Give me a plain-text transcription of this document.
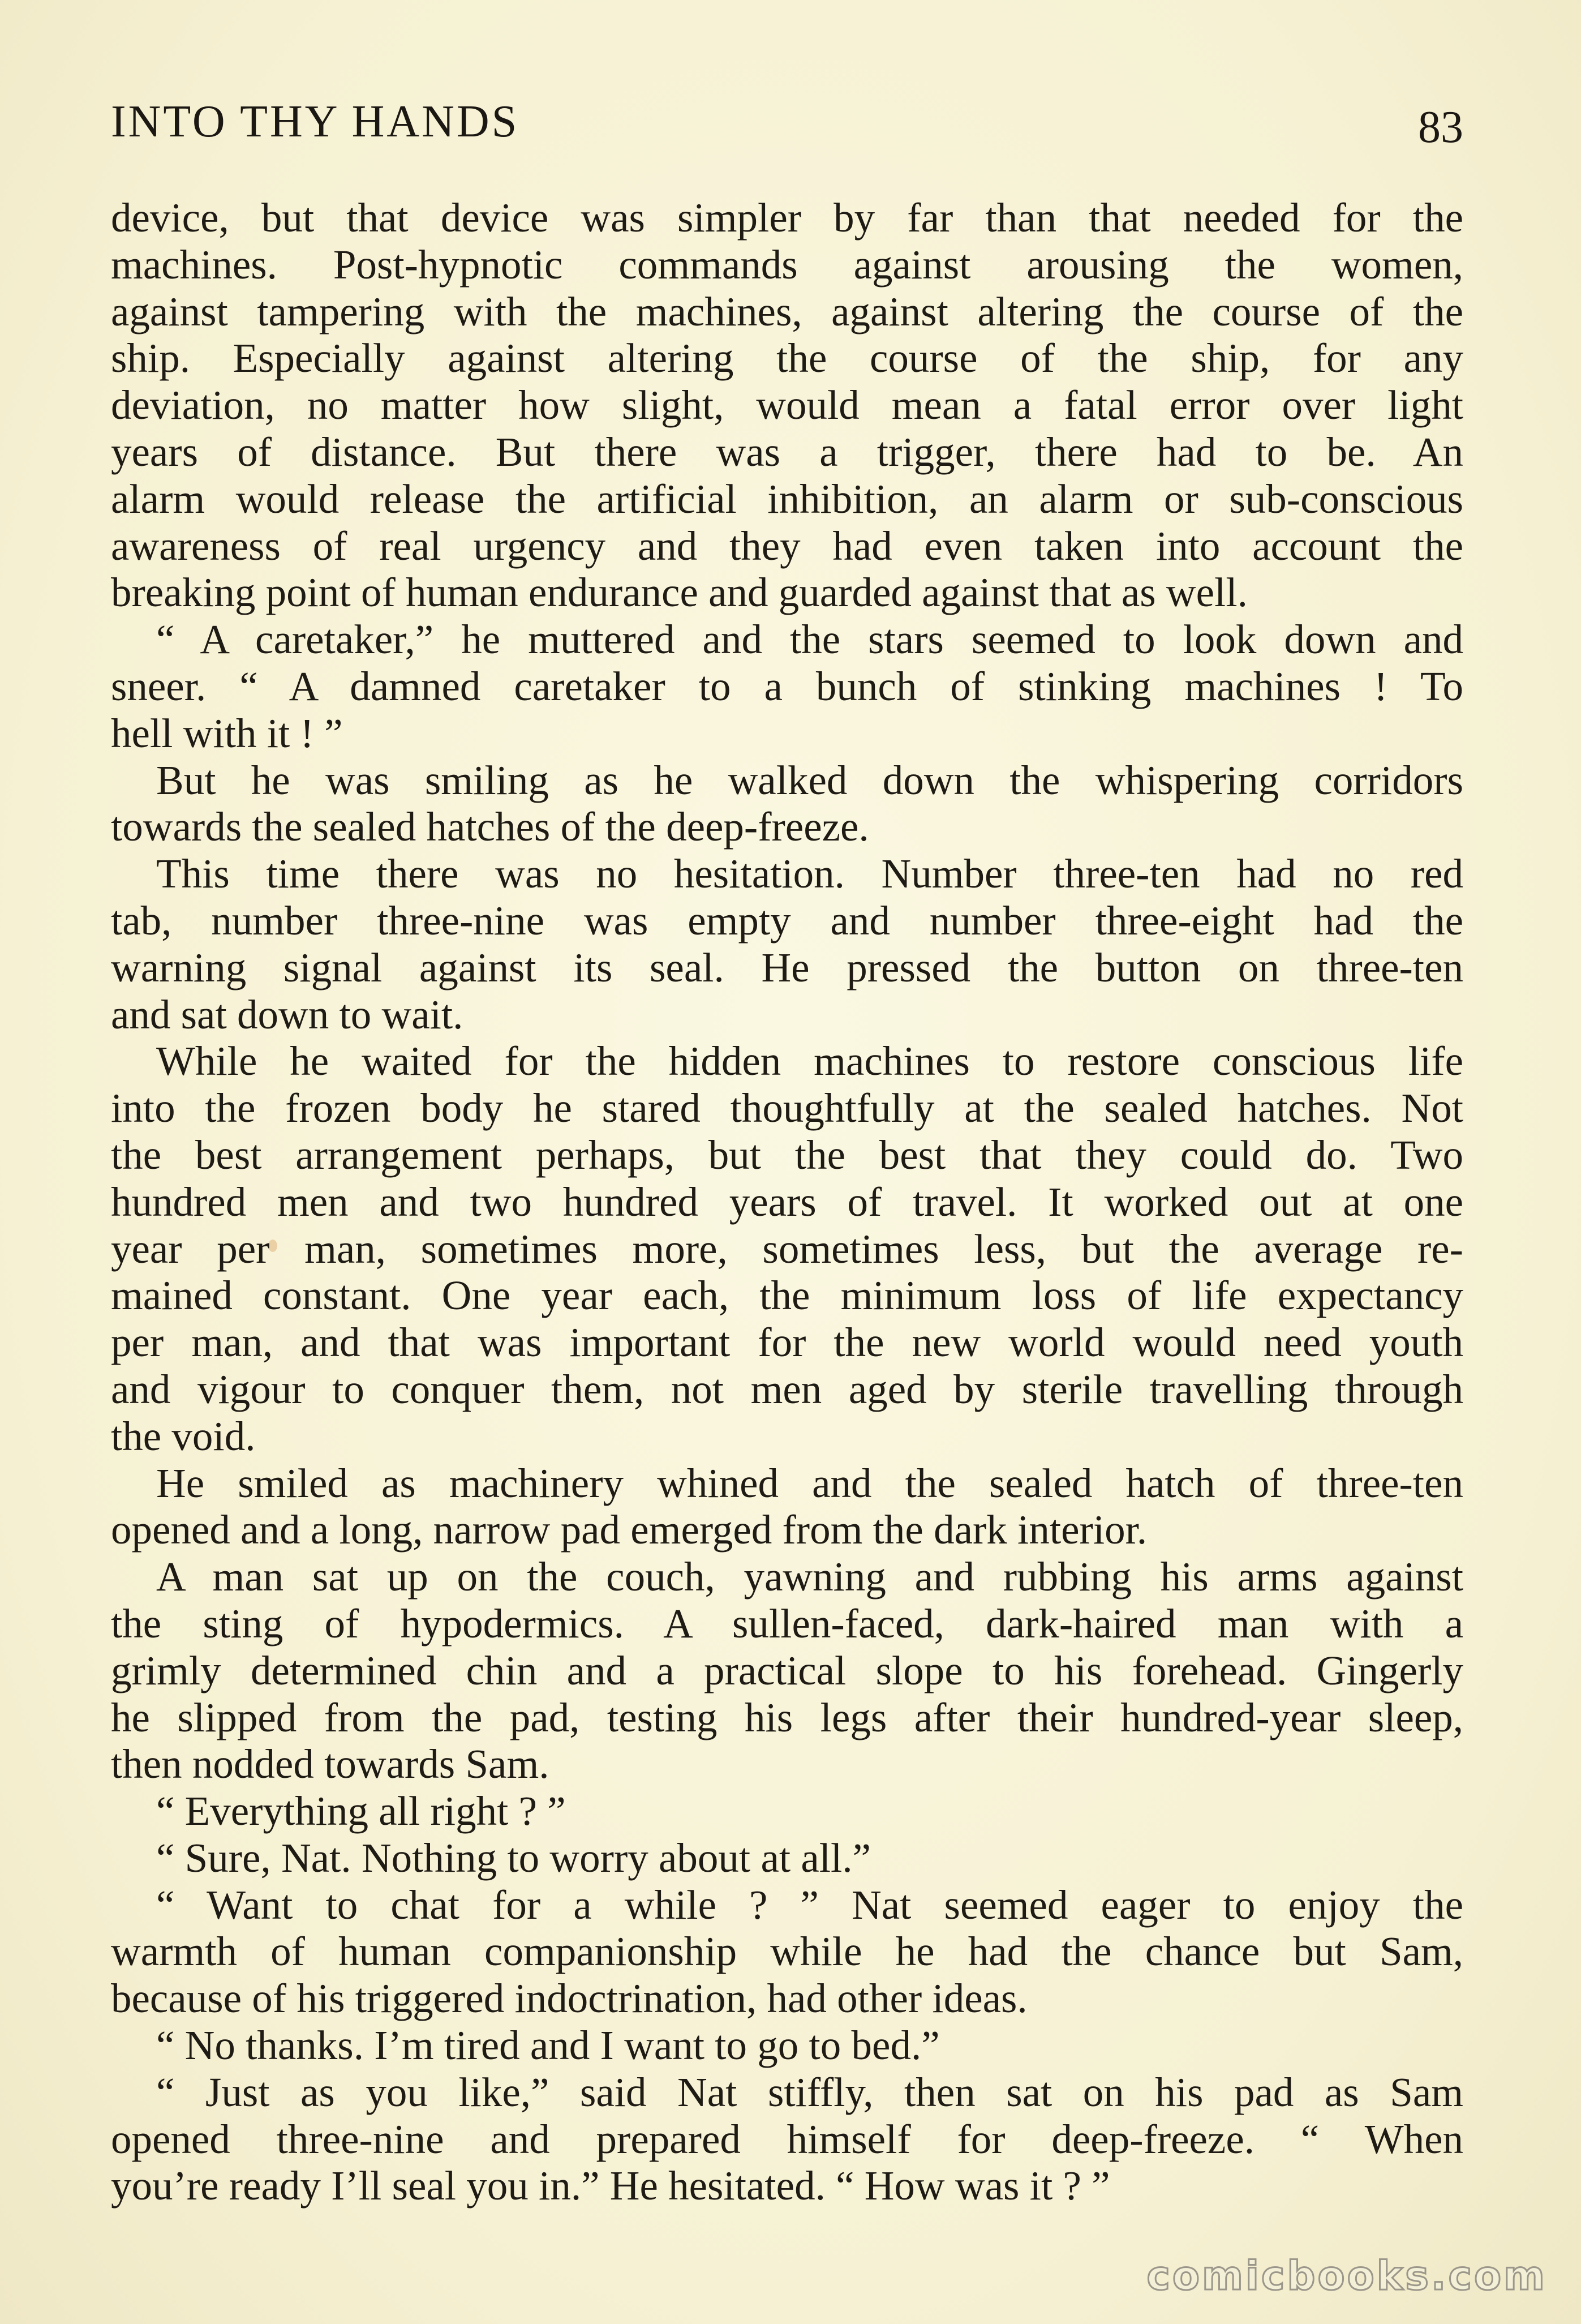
INTO THY HANDS	83
device, but that device was simpler by far than that needed for the
machines. Post-hypnotic commands against arousing the women,
against tampering with the machines, against altering the course of the
ship. Especially against altering the course of the ship, for any
deviation, no matter how slight, would mean a fatal error over light
years of distance. But there was a trigger, there had to be. An
alarm would release the artificial inhibition, an alarm or sub-conscious
awareness of real urgency and they had even taken into account the
breaking point of human endurance and guarded against that as well.
“ A caretaker,” he muttered and the stars seemed to look down and
sneer. “ A damned caretaker to a bunch of stinking machines ! To
hell with it ! ”
But he was smiling as he walked down the whispering corridors
towards the sealed hatches of the deep-freeze.
This time there was no hesitation. Number three-ten had no red
tab, number three-nine was empty and number three-eight had the
warning signal against its seal. He pressed the button on three-ten
and sat down to wait.
While he waited for the hidden machines to restore conscious life
into the frozen body he stared thoughtfully at the sealed hatches. Not
the best arrangement perhaps, but the best that they could do. Two
hundred men and two hundred years of travel. It worked out at one
year per man, sometimes more, sometimes less, but the average re-
mained constant. One year each, the minimum loss of life expectancy
per man, and that was important for the new world would need youth
and vigour to conquer them, not men aged by sterile travelling through
the void.
He smiled as machinery whined and the sealed hatch of three-ten
opened and a long, narrow pad emerged from the dark interior.
A man sat up on the couch, yawning and rubbing his arms against
the sting of hypodermics. A sullen-faced, dark-haired man with a
grimly determined chin and a practical slope to his forehead. Gingerly
he slipped from the pad, testing his legs after their hundred-year sleep,
then nodded towards Sam.
“ Everything all right ? ”
“ Sure, Nat. Nothing to worry about at all.”
“ Want to chat for a while ? ” Nat seemed eager to enjoy the
warmth of human companionship while he had the chance but Sam,
because of his triggered indoctrination, had other ideas.
“ No thanks. I’m tired and I want to go to bed.”
“ Just as you like,” said Nat stiffly, then sat on his pad as Sam
opened three-nine and prepared himself for deep-freeze. “ When
you’re ready I’ll seal you in.” He hesitated. “ How was it ? ”
comicbooks.com
